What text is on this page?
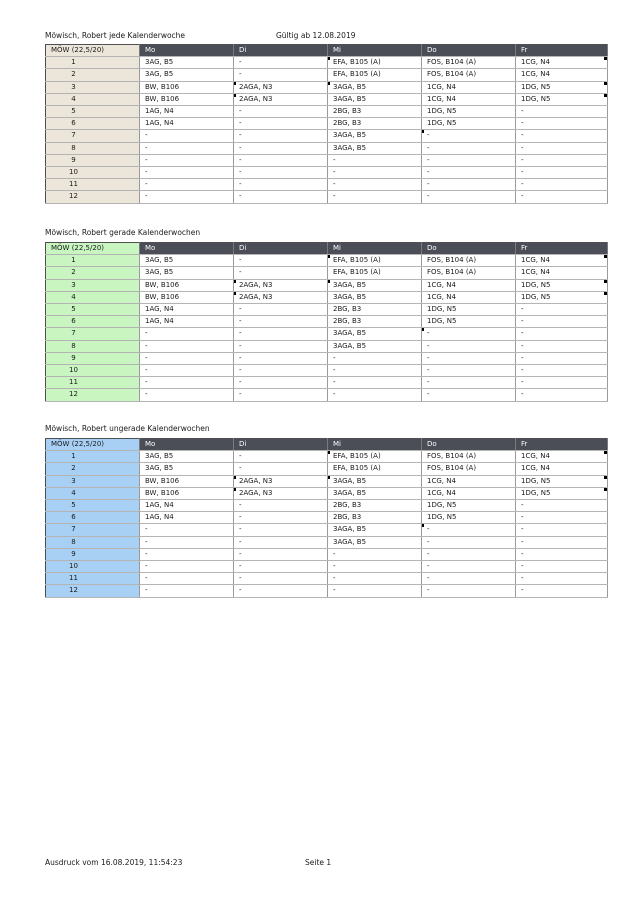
Möwisch, Robert jede Kalenderwoche	Gültig ab 12.08.2019
MÖW (22,5/20)	Mo	Di	Mi	Do	Fr
1	3AG, B5	-	EFA, B105 (A)	FOS, B104 (A)	1CG, N4
2	3AG, B5	-	EFA, B105 (A)	FOS, B104 (A)	1CG, N4
3	BW, B106	2AGA, N3	3AGA, B5	1CG, N4	1DG, N5
4	BW, B106	2AGA, N3	3AGA, B5	1CG, N4	1DG, N5
5	1AG, N4	-	2BG, B3	1DG, N5	-
6	1AG, N4	-	2BG, B3	1DG, N5	-
7	-	-	3AGA, B5	-	-
8	-	-	3AGA, B5	-	-
9	-	-	-	-	-
10	-	-	-	-	-
11	-	-	-	-	-
12	-	-	-	-	-
Möwisch, Robert gerade Kalenderwochen
MÖW (22,5/20)	Mo	Di	Mi	Do	Fr
1	3AG, B5	-	EFA, B105 (A)	FOS, B104 (A)	1CG, N4
2	3AG, B5	-	EFA, B105 (A)	FOS, B104 (A)	1CG, N4
3	BW, B106	2AGA, N3	3AGA, B5	1CG, N4	1DG, N5
4	BW, B106	2AGA, N3	3AGA, B5	1CG, N4	1DG, N5
5	1AG, N4	-	2BG, B3	1DG, N5	-
6	1AG, N4	-	2BG, B3	1DG, N5	-
7	-	-	3AGA, B5	-	-
8	-	-	3AGA, B5	-	-
9	-	-	-	-	-
10	-	-	-	-	-
11	-	-	-	-	-
12	-	-	-	-	-
Möwisch, Robert ungerade Kalenderwochen
MÖW (22,5/20)	Mo	Di	Mi	Do	Fr
1	3AG, B5	-	EFA, B105 (A)	FOS, B104 (A)	1CG, N4
2	3AG, B5	-	EFA, B105 (A)	FOS, B104 (A)	1CG, N4
3	BW, B106	2AGA, N3	3AGA, B5	1CG, N4	1DG, N5
4	BW, B106	2AGA, N3	3AGA, B5	1CG, N4	1DG, N5
5	1AG, N4	-	2BG, B3	1DG, N5	-
6	1AG, N4	-	2BG, B3	1DG, N5	-
7	-	-	3AGA, B5	-	-
8	-	-	3AGA, B5	-	-
9	-	-	-	-	-
10	-	-	-	-	-
11	-	-	-	-	-
12	-	-	-	-	-
Ausdruck vom 16.08.2019, 11:54:23	Seite 1
